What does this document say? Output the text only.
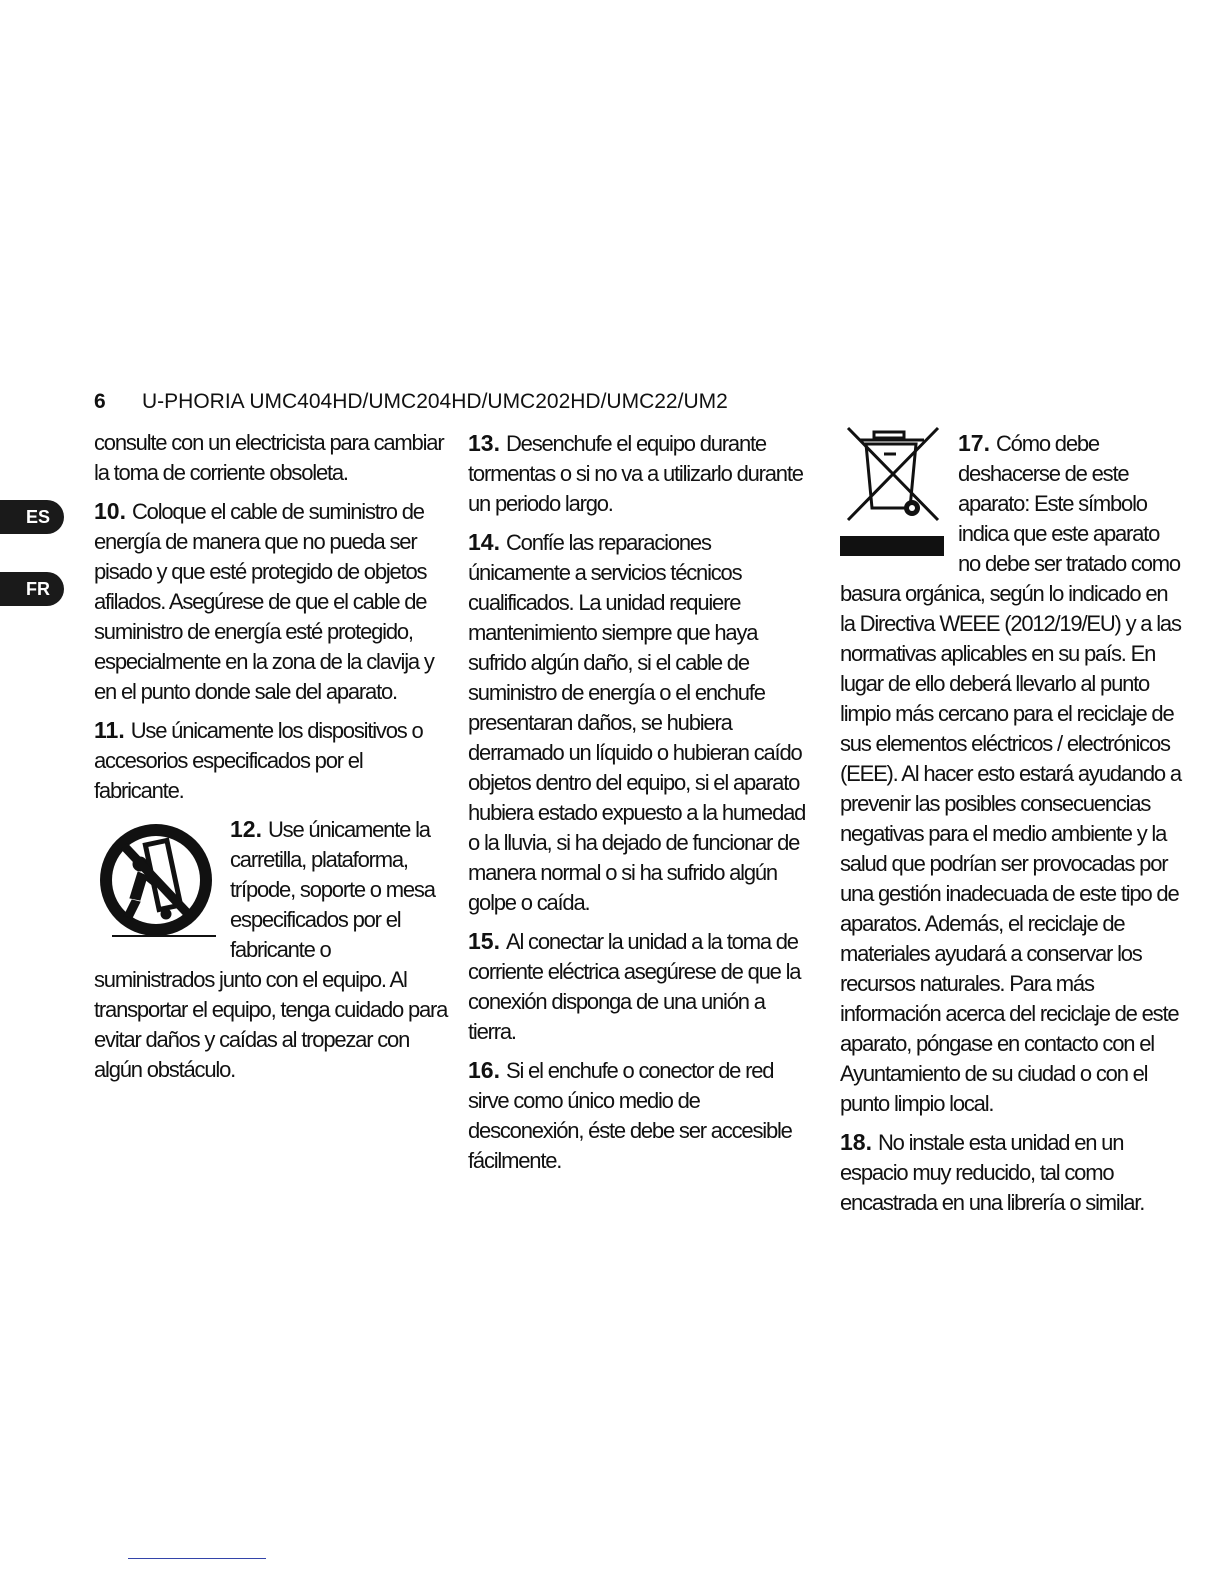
6 U-PHORIA UMC404HD/UMC204HD/UMC202HD/UMC22/UM2
ES
FR

consulte con un electricista para cambiar la toma de corriente obsoleta.

10. Coloque el cable de suministro de energía de manera que no pueda ser pisado y que esté protegido de objetos afilados. Asegúrese de que el cable de suministro de energía esté protegido, especialmente en la zona de la clavija y en el punto donde sale del aparato.

11. Use únicamente los dispositivos o accesorios especificados por el fabricante.

12. Use únicamente la carretilla, plataforma, trípode, soporte o mesa especificados por el fabricante o suministrados junto con el equipo. Al transportar el equipo, tenga cuidado para evitar daños y caídas al tropezar con algún obstáculo.

13. Desenchufe el equipo durante tormentas o si no va a utilizarlo durante un periodo largo.

14. Confíe las reparaciones únicamente a servicios técnicos cualificados. La unidad requiere mantenimiento siempre que haya sufrido algún daño, si el cable de suministro de energía o el enchufe presentaran daños, se hubiera derramado un líquido o hubieran caído objetos dentro del equipo, si el aparato hubiera estado expuesto a la humedad o la lluvia, si ha dejado de funcionar de manera normal o si ha sufrido algún golpe o caída.

15. Al conectar la unidad a la toma de corriente eléctrica asegúrese de que la conexión disponga de una unión a tierra.

16. Si el enchufe o conector de red sirve como único medio de desconexión, éste debe ser accesible fácilmente.

17. Cómo debe deshacerse de este aparato: Este símbolo indica que este aparato no debe ser tratado como basura orgánica, según lo indicado en la Directiva WEEE (2012/19/EU) y a las normativas aplicables en su país. En lugar de ello deberá llevarlo al punto limpio más cercano para el reciclaje de sus elementos eléctricos / electrónicos (EEE). Al hacer esto estará ayudando a prevenir las posibles consecuencias negativas para el medio ambiente y la salud que podrían ser provocadas por una gestión inadecuada de este tipo de aparatos. Además, el reciclaje de materiales ayudará a conservar los recursos naturales. Para más información acerca del reciclaje de este aparato, póngase en contacto con el Ayuntamiento de su ciudad o con el punto limpio local.

18. No instale esta unidad en un espacio muy reducido, tal como encastrada en una librería o similar.
